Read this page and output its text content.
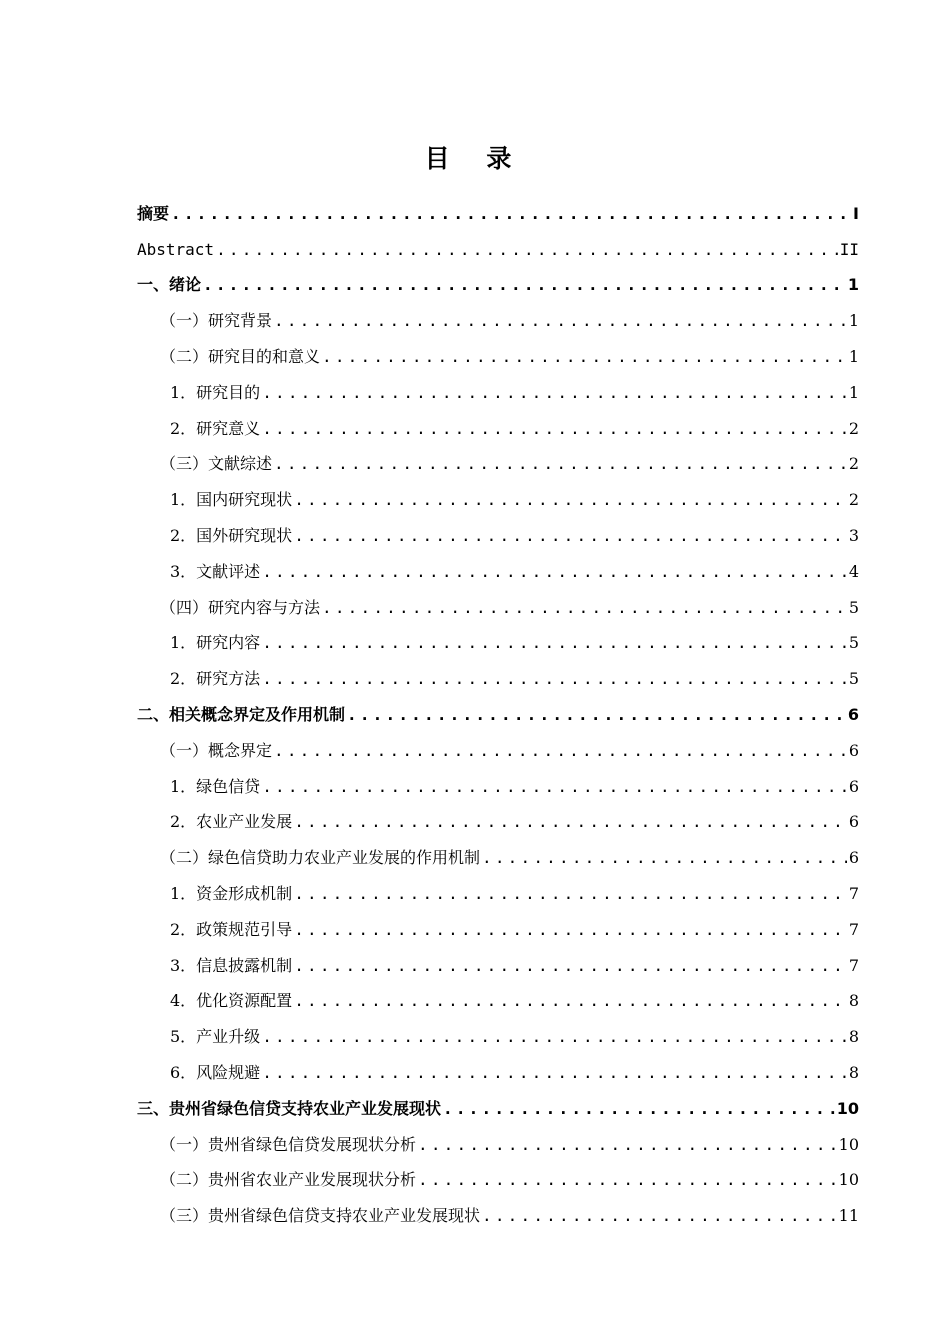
目 录
摘要 .....	I
Abstract .....	II
一、绪论 .....	1
（一）研究背景 .....	1
（二）研究目的和意义 .....	1
1．研究目的 .....	1
2．研究意义 .....	2
（三）文献综述 .....	2
1．国内研究现状 .....	2
2．国外研究现状 .....	3
3．文献评述 .....	4
（四）研究内容与方法 .....	5
1．研究内容 .....	5
2．研究方法 .....	5
二、相关概念界定及作用机制 .....	6
（一）概念界定 .....	6
1．绿色信贷 .....	6
2．农业产业发展 .....	6
（二）绿色信贷助力农业产业发展的作用机制 .....	6
1．资金形成机制 .....	7
2．政策规范引导 .....	7
3．信息披露机制 .....	7
4．优化资源配置 .....	8
5．产业升级 .....	8
6．风险规避 .....	8
三、贵州省绿色信贷支持农业产业发展现状 .....	10
（一）贵州省绿色信贷发展现状分析 .....	10
（二）贵州省农业产业发展现状分析 .....	10
（三）贵州省绿色信贷支持农业产业发展现状 .....	11
